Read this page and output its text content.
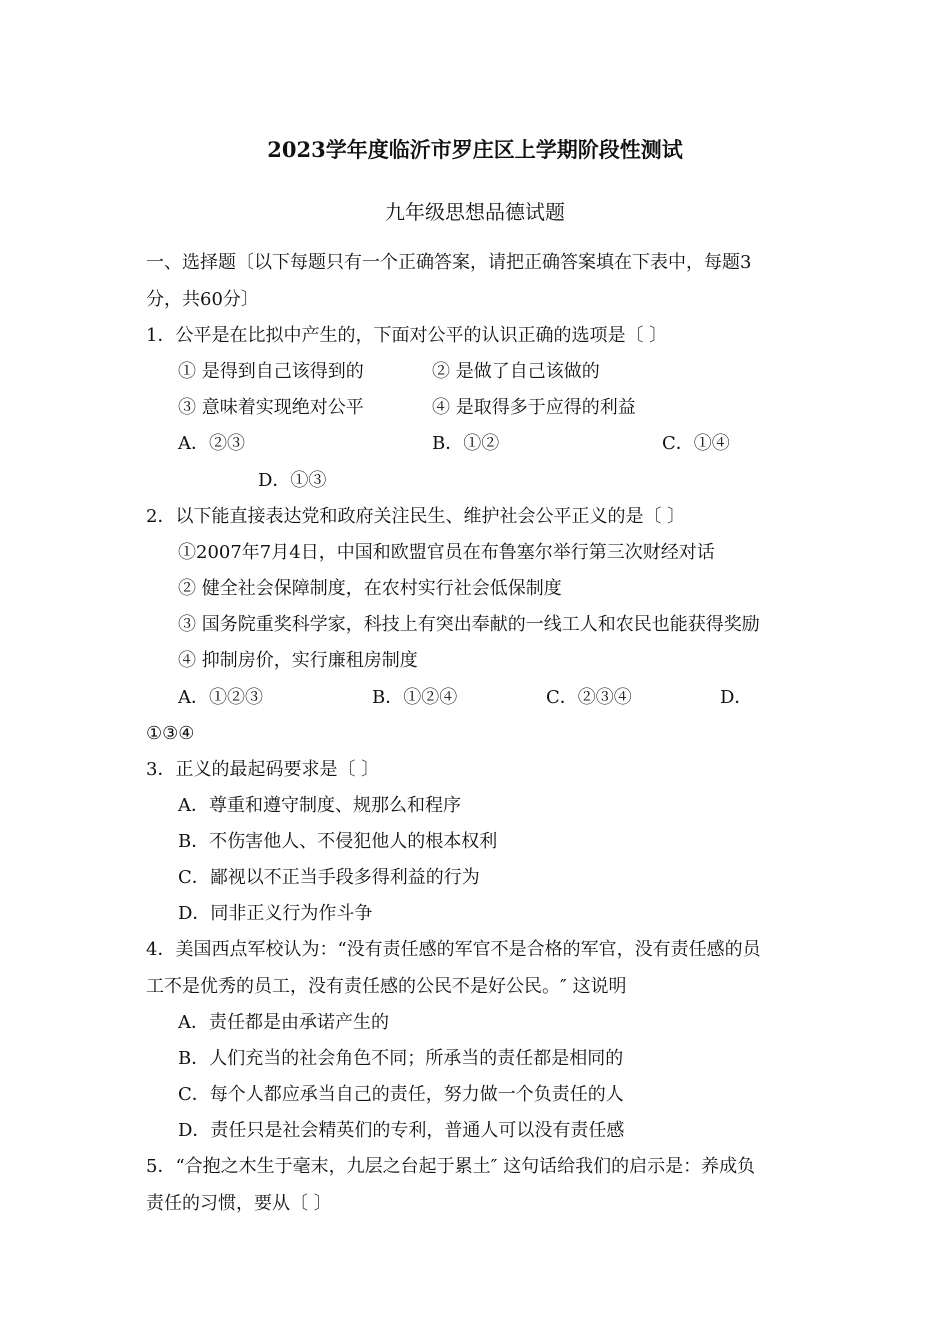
2023学年度临沂市罗庄区上学期阶段性测试
九年级思想品德试题
一、选择题〔以下每题只有一个正确答案，请把正确答案填在下表中，每题3
分，共60分〕
1．公平是在比拟中产生的，下面对公平的认识正确的选项是〔 〕
① 是得到自己该得到的	② 是做了自己该做的
③ 意味着实现绝对公平	④ 是取得多于应得的利益
A．②③	B．①②	C．①④
D．①③
2．以下能直接表达党和政府关注民生、维护社会公平正义的是〔 〕
①2007年7月4日，中国和欧盟官员在布鲁塞尔举行第三次财经对话
② 健全社会保障制度，在农村实行社会低保制度
③ 国务院重奖科学家，科技上有突出奉献的一线工人和农民也能获得奖励
④ 抑制房价，实行廉租房制度
A．①②③	B．①②④	C．②③④	D．
①③④
3．正义的最起码要求是〔 〕
A．尊重和遵守制度、规那么和程序
B．不伤害他人、不侵犯他人的根本权利
C．鄙视以不正当手段多得利益的行为
D．同非正义行为作斗争
4．美国西点军校认为：“没有责任感的军官不是合格的军官，没有责任感的员
工不是优秀的员工，没有责任感的公民不是好公民。″ 这说明
A．责任都是由承诺产生的
B．人们充当的社会角色不同；所承当的责任都是相同的
C．每个人都应承当自己的责任，努力做一个负责任的人
D．责任只是社会精英们的专利，普通人可以没有责任感
5．“合抱之木生于毫末，九层之台起于累土″ 这句话给我们的启示是：养成负
责任的习惯，要从〔 〕
